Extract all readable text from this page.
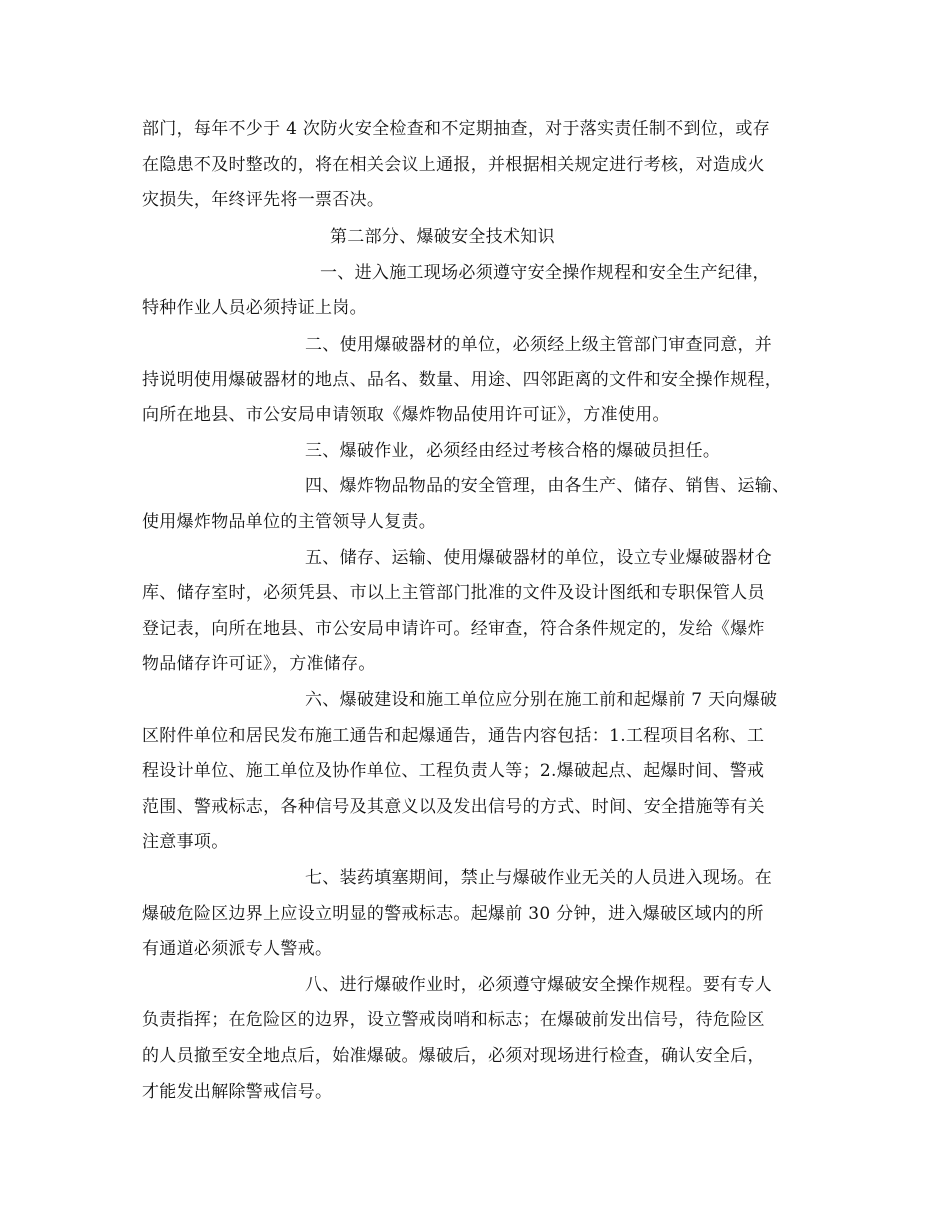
部门，每年不少于 4 次防火安全检查和不定期抽查，对于落实责任制不到位，或存
在隐患不及时整改的，将在相关会议上通报，并根据相关规定进行考核，对造成火
灾损失，年终评先将一票否决。
第二部分、爆破安全技术知识
一、进入施工现场必须遵守安全操作规程和安全生产纪律，
特种作业人员必须持证上岗。
二、使用爆破器材的单位，必须经上级主管部门审查同意，并
持说明使用爆破器材的地点、品名、数量、用途、四邻距离的文件和安全操作规程，
向所在地县、市公安局申请领取《爆炸物品使用许可证》，方准使用。
三、爆破作业，必须经由经过考核合格的爆破员担任。
四、爆炸物品物品的安全管理，由各生产、储存、销售、运输、
使用爆炸物品单位的主管领导人复责。
五、储存、运输、使用爆破器材的单位，设立专业爆破器材仓
库、储存室时，必须凭县、市以上主管部门批准的文件及设计图纸和专职保管人员
登记表，向所在地县、市公安局申请许可。经审查，符合条件规定的，发给《爆炸
物品储存许可证》，方准储存。
六、爆破建设和施工单位应分别在施工前和起爆前 7 天向爆破
区附件单位和居民发布施工通告和起爆通告，通告内容包括：1.工程项目名称、工
程设计单位、施工单位及协作单位、工程负责人等；2.爆破起点、起爆时间、警戒
范围、警戒标志，各种信号及其意义以及发出信号的方式、时间、安全措施等有关
注意事项。
七、装药填塞期间，禁止与爆破作业无关的人员进入现场。在
爆破危险区边界上应设立明显的警戒标志。起爆前 30 分钟，进入爆破区域内的所
有通道必须派专人警戒。
八、进行爆破作业时，必须遵守爆破安全操作规程。要有专人
负责指挥；在危险区的边界，设立警戒岗哨和标志；在爆破前发出信号，待危险区
的人员撤至安全地点后，始准爆破。爆破后，必须对现场进行检查，确认安全后，
才能发出解除警戒信号。
